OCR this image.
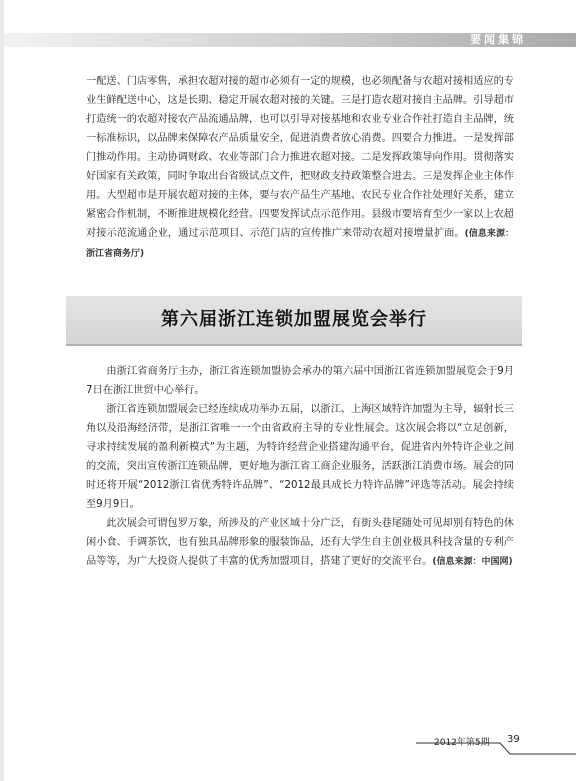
要闻集锦

一配送、门店零售，承担农超对接的超市必须有一定的规模，也必须配备与农超对接相适应的专业生鲜配送中心，这是长期、稳定开展农超对接的关键。三是打造农超对接自主品牌。引导超市打造统一的农超对接农产品流通品牌，也可以引导对接基地和农业专业合作社打造自主品牌，统一标准标识，以品牌来保障农产品质量安全，促进消费者放心消费。四要合力推进。一是发挥部门推动作用。主动协调财政、农业等部门合力推进农超对接。二是发挥政策导向作用。贯彻落实好国家有关政策，同时争取出台省级试点文件，把财政支持政策整合进去。三是发挥企业主体作用。大型超市是开展农超对接的主体，要与农产品生产基地、农民专业合作社处理好关系，建立紧密合作机制，不断推进规模化经营。四要发挥试点示范作用。县级市要培育至少一家以上农超对接示范流通企业，通过示范项目、示范门店的宣传推广来带动农超对接增量扩面。(信息来源：浙江省商务厅)

第六届浙江连锁加盟展览会举行

由浙江省商务厅主办，浙江省连锁加盟协会承办的第六届中国浙江省连锁加盟展览会于9月7日在浙江世贸中心举行。

浙江省连锁加盟展会已经连续成功举办五届，以浙江、上海区域特许加盟为主导，辐射长三角以及沿海经济带，是浙江省唯一一个由省政府主导的专业性展会。这次展会将以“立足创新，寻求持续发展的盈利新模式”为主题，为特许经营企业搭建沟通平台，促进省内外特许企业之间的交流，突出宣传浙江连锁品牌，更好地为浙江省工商企业服务，活跃浙江消费市场。展会的同时还将开展“2012浙江省优秀特许品牌”、“2012最具成长力特许品牌”评选等活动。展会持续至9月9日。

此次展会可谓包罗万象，所涉及的产业区域十分广泛，有街头巷尾随处可见却别有特色的休闲小食、手调茶饮，也有独具品牌形象的服装饰品，还有大学生自主创业极具科技含量的专利产品等等，为广大投资人提供了丰富的优秀加盟项目，搭建了更好的交流平台。(信息来源：中国网)

2012年第5期 39
